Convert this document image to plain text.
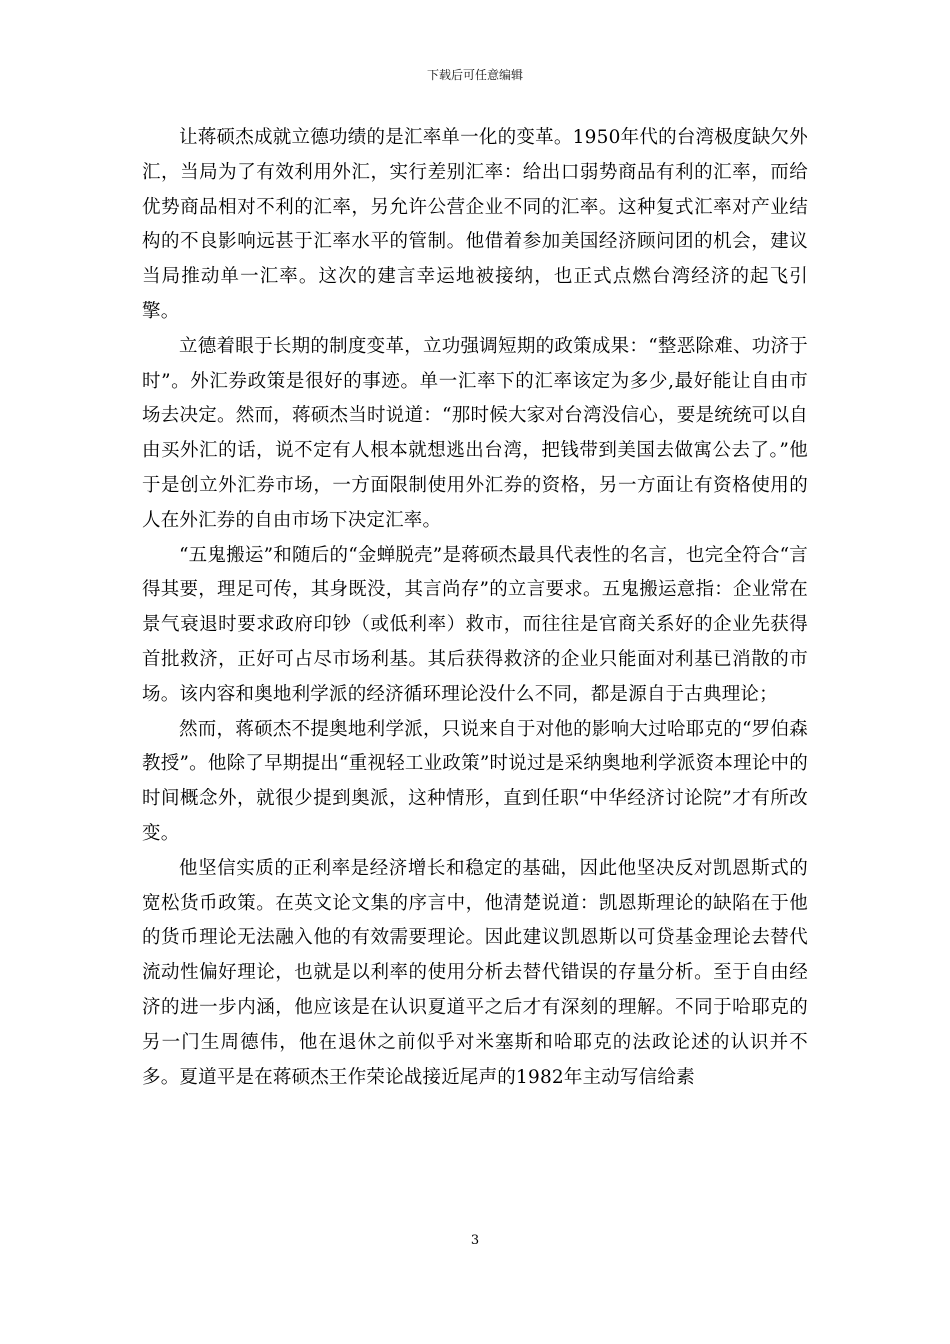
下载后可任意编辑

让蒋硕杰成就立德功绩的是汇率单一化的变革。1950年代的台湾极度缺欠外汇，当局为了有效利用外汇，实行差别汇率：给出口弱势商品有利的汇率，而给优势商品相对不利的汇率，另允许公营企业不同的汇率。这种复式汇率对产业结构的不良影响远甚于汇率水平的管制。他借着参加美国经济顾问团的机会，建议当局推动单一汇率。这次的建言幸运地被接纳，也正式点燃台湾经济的起飞引擎。

立德着眼于长期的制度变革，立功强调短期的政策成果：“整恶除难、功济于时”。外汇券政策是很好的事迹。单一汇率下的汇率该定为多少,最好能让自由市场去决定。然而，蒋硕杰当时说道：“那时候大家对台湾没信心，要是统统可以自由买外汇的话，说不定有人根本就想逃出台湾，把钱带到美国去做寓公去了。”他于是创立外汇券市场，一方面限制使用外汇券的资格，另一方面让有资格使用的人在外汇券的自由市场下决定汇率。

“五鬼搬运”和随后的“金蝉脱壳”是蒋硕杰最具代表性的名言，也完全符合“言得其要，理足可传，其身既没，其言尚存”的立言要求。五鬼搬运意指：企业常在景气衰退时要求政府印钞（或低利率）救市，而往往是官商关系好的企业先获得首批救济，正好可占尽市场利基。其后获得救济的企业只能面对利基已消散的市场。该内容和奥地利学派的经济循环理论没什么不同，都是源自于古典理论；

然而，蒋硕杰不提奥地利学派，只说来自于对他的影响大过哈耶克的“罗伯森教授”。他除了早期提出“重视轻工业政策”时说过是采纳奥地利学派资本理论中的时间概念外，就很少提到奥派，这种情形，直到任职“中华经济讨论院”才有所改变。

他坚信实质的正利率是经济增长和稳定的基础，因此他坚决反对凯恩斯式的宽松货币政策。在英文论文集的序言中，他清楚说道：凯恩斯理论的缺陷在于他的货币理论无法融入他的有效需要理论。因此建议凯恩斯以可贷基金理论去替代流动性偏好理论，也就是以利率的使用分析去替代错误的存量分析。至于自由经济的进一步内涵，他应该是在认识夏道平之后才有深刻的理解。不同于哈耶克的另一门生周德伟，他在退休之前似乎对米塞斯和哈耶克的法政论述的认识并不多。夏道平是在蒋硕杰王作荣论战接近尾声的1982年主动写信给素

3
